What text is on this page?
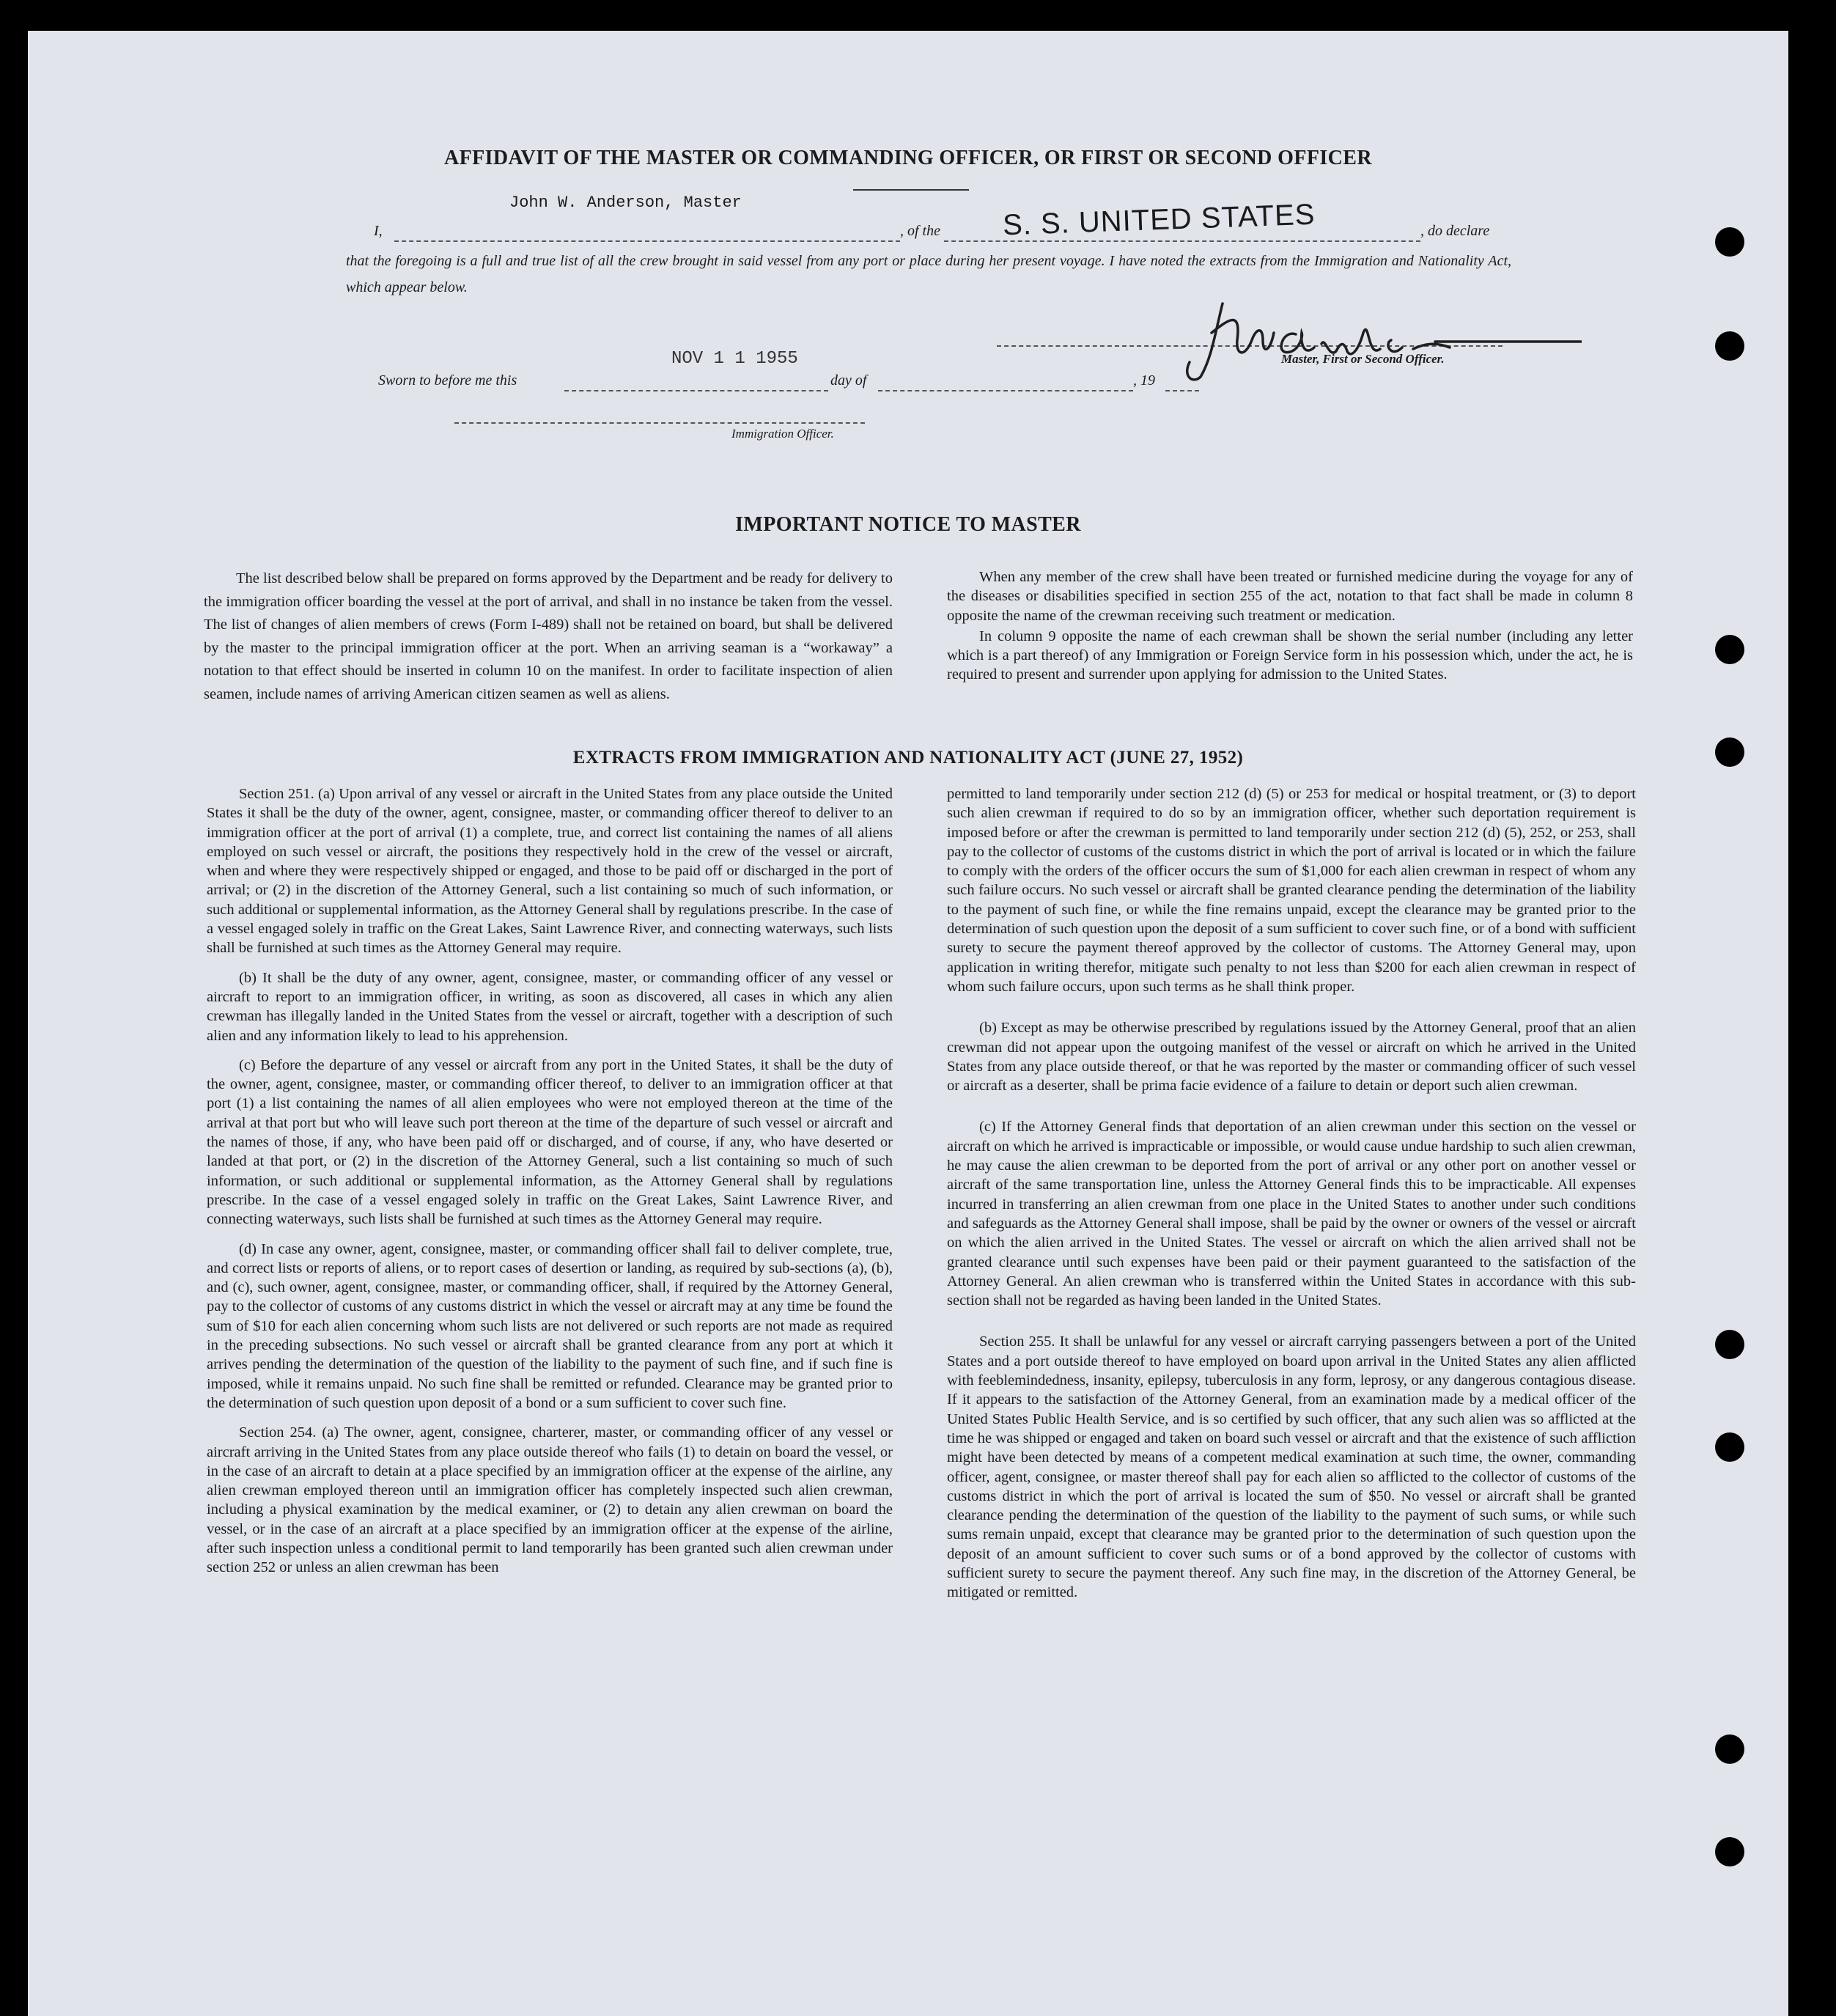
AFFIDAVIT OF THE MASTER OR COMMANDING OFFICER, OR FIRST OR SECOND OFFICER
John W. Anderson, Master
I,	, of the S. S. UNITED STATES	, do declare
that the foregoing is a full and true list of all the crew brought in said vessel from any port or place during her present voyage. I have noted the extracts from the Immigration and Nationality Act, which appear below.
Master, First or Second Officer.
Sworn to before me this
NOV 1 1 1955
day of	, 19
Immigration Officer.
IMPORTANT NOTICE TO MASTER

The list described below shall be prepared on forms approved by the Department and be ready for delivery to the immigration officer boarding the vessel at the port of arrival, and shall in no instance be taken from the vessel. The list of changes of alien members of crews (Form I-489) shall not be retained on board, but shall be delivered by the master to the principal immigration officer at the port. When an arriving seaman is a “workaway” a notation to that effect should be inserted in column 10 on the manifest. In order to facilitate inspection of alien seamen, include names of arriving American citizen seamen as well as aliens.

When any member of the crew shall have been treated or furnished medicine during the voyage for any of the diseases or disabilities specified in section 255 of the act, notation to that fact shall be made in column 8 opposite the name of the crewman receiving such treatment or medication.

In column 9 opposite the name of each crewman shall be shown the serial number (including any letter which is a part thereof) of any Immigration or Foreign Service form in his possession which, under the act, he is required to present and surrender upon applying for admission to the United States.

EXTRACTS FROM IMMIGRATION AND NATIONALITY ACT (JUNE 27, 1952)

Section 251. (a) Upon arrival of any vessel or aircraft in the United States from any place outside the United States it shall be the duty of the owner, agent, consignee, master, or commanding officer thereof to deliver to an immigration officer at the port of arrival (1) a complete, true, and correct list containing the names of all aliens employed on such vessel or aircraft, the positions they respectively hold in the crew of the vessel or aircraft, when and where they were respectively shipped or engaged, and those to be paid off or discharged in the port of arrival; or (2) in the discretion of the Attorney General, such a list containing so much of such information, or such additional or supplemental information, as the Attorney General shall by regulations prescribe. In the case of a vessel engaged solely in traffic on the Great Lakes, Saint Lawrence River, and connecting waterways, such lists shall be furnished at such times as the Attorney General may require.

(b) It shall be the duty of any owner, agent, consignee, master, or commanding officer of any vessel or aircraft to report to an immigration officer, in writing, as soon as discovered, all cases in which any alien crewman has illegally landed in the United States from the vessel or aircraft, together with a description of such alien and any information likely to lead to his apprehension.

(c) Before the departure of any vessel or aircraft from any port in the United States, it shall be the duty of the owner, agent, consignee, master, or commanding officer thereof, to deliver to an immigration officer at that port (1) a list containing the names of all alien employees who were not employed thereon at the time of the arrival at that port but who will leave such port thereon at the time of the departure of such vessel or aircraft and the names of those, if any, who have been paid off or discharged, and of course, if any, who have deserted or landed at that port, or (2) in the discretion of the Attorney General, such a list containing so much of such information, or such additional or supplemental information, as the Attorney General shall by regulations prescribe. In the case of a vessel engaged solely in traffic on the Great Lakes, Saint Lawrence River, and connecting waterways, such lists shall be furnished at such times as the Attorney General may require.

(d) In case any owner, agent, consignee, master, or commanding officer shall fail to deliver complete, true, and correct lists or reports of aliens, or to report cases of desertion or landing, as required by sub-sections (a), (b), and (c), such owner, agent, consignee, master, or commanding officer, shall, if required by the Attorney General, pay to the collector of customs of any customs district in which the vessel or aircraft may at any time be found the sum of $10 for each alien concerning whom such lists are not delivered or such reports are not made as required in the preceding subsections. No such vessel or aircraft shall be granted clearance from any port at which it arrives pending the determination of the question of the liability to the payment of such fine, and if such fine is imposed, while it remains unpaid. No such fine shall be remitted or refunded. Clearance may be granted prior to the determination of such question upon deposit of a bond or a sum sufficient to cover such fine.

Section 254. (a) The owner, agent, consignee, charterer, master, or commanding officer of any vessel or aircraft arriving in the United States from any place outside thereof who fails (1) to detain on board the vessel, or in the case of an aircraft to detain at a place specified by an immigration officer at the expense of the airline, any alien crewman employed thereon until an immigration officer has completely inspected such alien crewman, including a physical examination by the medical examiner, or (2) to detain any alien crewman on board the vessel, or in the case of an aircraft at a place specified by an immigration officer at the expense of the airline, after such inspection unless a conditional permit to land temporarily has been granted such alien crewman under section 252 or unless an alien crewman has been

permitted to land temporarily under section 212 (d) (5) or 253 for medical or hospital treatment, or (3) to deport such alien crewman if required to do so by an immigration officer, whether such deportation requirement is imposed before or after the crewman is permitted to land temporarily under section 212 (d) (5), 252, or 253, shall pay to the collector of customs of the customs district in which the port of arrival is located or in which the failure to comply with the orders of the officer occurs the sum of $1,000 for each alien crewman in respect of whom any such failure occurs. No such vessel or aircraft shall be granted clearance pending the determination of the liability to the payment of such fine, or while the fine remains unpaid, except the clearance may be granted prior to the determination of such question upon the deposit of a sum sufficient to cover such fine, or of a bond with sufficient surety to secure the payment thereof approved by the collector of customs. The Attorney General may, upon application in writing therefor, mitigate such penalty to not less than $200 for each alien crewman in respect of whom such failure occurs, upon such terms as he shall think proper.

(b) Except as may be otherwise prescribed by regulations issued by the Attorney General, proof that an alien crewman did not appear upon the outgoing manifest of the vessel or aircraft on which he arrived in the United States from any place outside thereof, or that he was reported by the master or commanding officer of such vessel or aircraft as a deserter, shall be prima facie evidence of a failure to detain or deport such alien crewman.

(c) If the Attorney General finds that deportation of an alien crewman under this section on the vessel or aircraft on which he arrived is impracticable or impossible, or would cause undue hardship to such alien crewman, he may cause the alien crewman to be deported from the port of arrival or any other port on another vessel or aircraft of the same transportation line, unless the Attorney General finds this to be impracticable. All expenses incurred in transferring an alien crewman from one place in the United States to another under such conditions and safeguards as the Attorney General shall impose, shall be paid by the owner or owners of the vessel or aircraft on which the alien arrived in the United States. The vessel or aircraft on which the alien arrived shall not be granted clearance until such expenses have been paid or their payment guaranteed to the satisfaction of the Attorney General. An alien crewman who is transferred within the United States in accordance with this sub-section shall not be regarded as having been landed in the United States.

Section 255. It shall be unlawful for any vessel or aircraft carrying passengers between a port of the United States and a port outside thereof to have employed on board upon arrival in the United States any alien afflicted with feeblemindedness, insanity, epilepsy, tuberculosis in any form, leprosy, or any dangerous contagious disease. If it appears to the satisfaction of the Attorney General, from an examination made by a medical officer of the United States Public Health Service, and is so certified by such officer, that any such alien was so afflicted at the time he was shipped or engaged and taken on board such vessel or aircraft and that the existence of such affliction might have been detected by means of a competent medical examination at such time, the owner, commanding officer, agent, consignee, or master thereof shall pay for each alien so afflicted to the collector of customs of the customs district in which the port of arrival is located the sum of $50. No vessel or aircraft shall be granted clearance pending the determination of the question of the liability to the payment of such sums, or while such sums remain unpaid, except that clearance may be granted prior to the determination of such question upon the deposit of an amount sufficient to cover such sums or of a bond approved by the collector of customs with sufficient surety to secure the payment thereof. Any such fine may, in the discretion of the Attorney General, be mitigated or remitted.
